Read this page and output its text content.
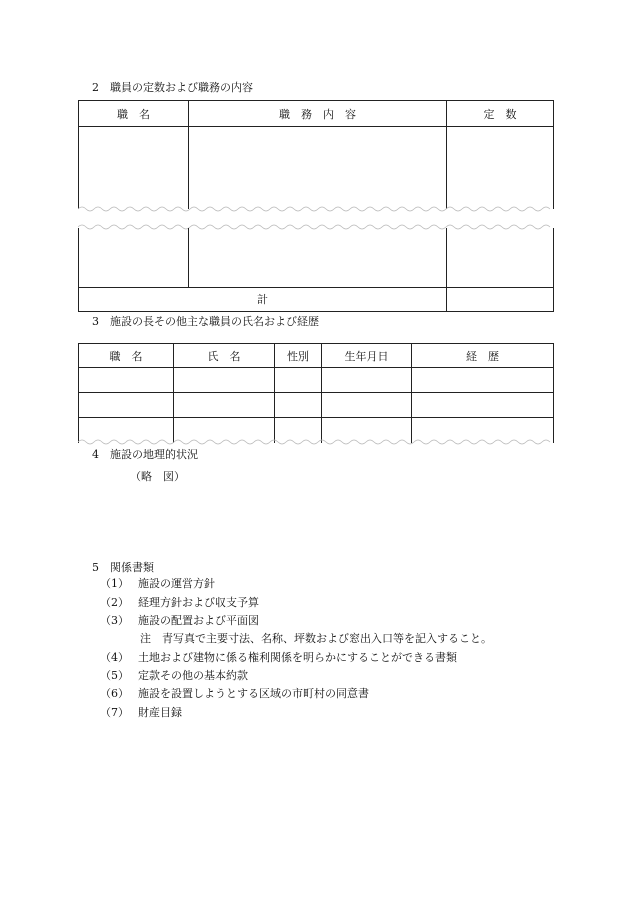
2 職員の定数および職務の内容
職　名	職　務　内　容	定　数

計		
3 施設の長その他主な職員の氏名および経歴
職　名	氏　名	性別	生年月日	経　歴

4 施設の地理的状況
（略　図）
5 関係書類
（1） 施設の運営方針
（2） 経理方針および収支予算
（3） 施設の配置および平面図
注　青写真で主要寸法、名称、坪数および窓出入口等を記入すること。
（4） 土地および建物に係る権利関係を明らかにすることができる書類
（5） 定款その他の基本約款
（6） 施設を設置しようとする区域の市町村の同意書
（7） 財産目録
